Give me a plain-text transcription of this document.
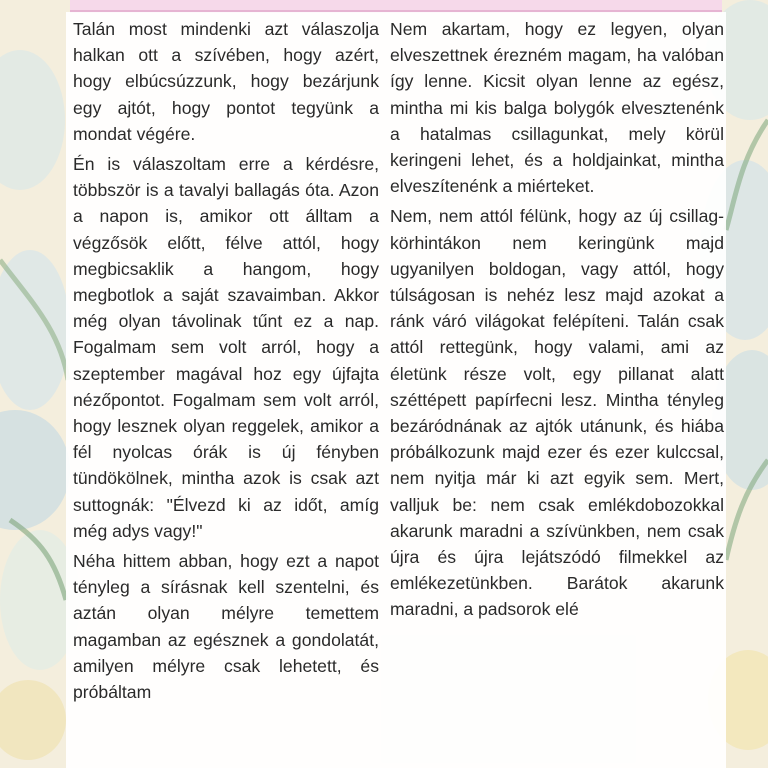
Talán most mindenki azt válaszolja halkan ott a szívében, hogy azért, hogy elbúcsúzzunk, hogy bezárjunk egy ajtót, hogy pontot tegyünk a mondat végére.

Én is válaszoltam erre a kérdésre, többször is a tavalyi ballagás óta. Azon a napon is, amikor ott álltam a végzősök előtt, félve attól, hogy megbicsaklik a hangom, hogy megbotlok a saját szavaimban. Akkor még olyan távolinak tűnt ez a nap. Fogalmam sem volt arról, hogy a szeptember magával hoz egy újfajta nézőpontot. Fogalmam sem volt arról, hogy lesznek olyan reggelek, amikor a fél nyolcas órák is új fényben tündökölnek, mintha azok is csak azt suttognák: "Élvezd ki az időt, amíg még adys vagy!"

Néha hittem abban, hogy ezt a napot tényleg a sírásnak kell szentelni, és aztán olyan mélyre temettem magamban az egésznek a gondolatát, amilyen mélyre csak lehetett, és próbáltam

Nem akartam, hogy ez legyen, olyan elveszettnek érezném magam, ha valóban így lenne. Kicsit olyan lenne az egész, mintha mi kis balga bolygók elvesztenénk a hatalmas csillagunkat, mely körül keringeni lehet, és a holdjainkat, mintha elveszítenénk a miérteket.

Nem, nem attól félünk, hogy az új csillag-körhintákon nem keringünk majd ugyanilyen boldogan, vagy attól, hogy túlságosan is nehéz lesz majd azokat a ránk váró világokat felépíteni. Talán csak attól rettegünk, hogy valami, ami az életünk része volt, egy pillanat alatt széttépett papírfecni lesz. Mintha tényleg bezáródnának az ajtók utánunk, és hiába próbálkozunk majd ezer és ezer kulccsal, nem nyitja már ki azt egyik sem. Mert, valljuk be: nem csak emlékdobozokkal akarunk maradni a szívünkben, nem csak újra és újra lejátszódó filmekkel az emlékezetünkben. Barátok akarunk maradni, a padsorok elé
